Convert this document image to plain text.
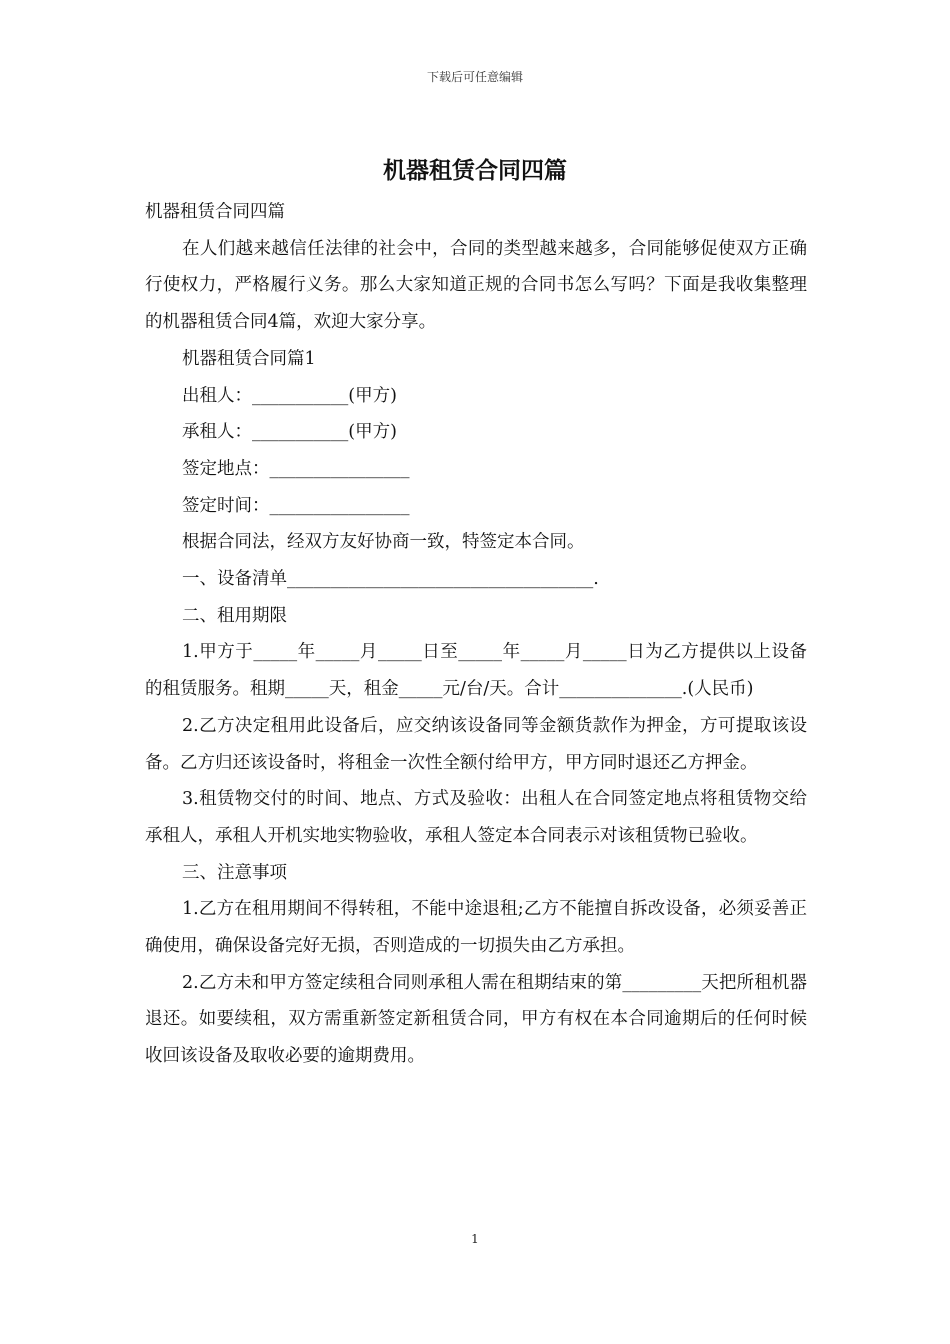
下载后可任意编辑
机器租赁合同四篇

机器租赁合同四篇

在人们越来越信任法律的社会中，合同的类型越来越多，合同能够促使双方正确行使权力，严格履行义务。那么大家知道正规的合同书怎么写吗？下面是我收集整理的机器租赁合同4篇，欢迎大家分享。

机器租赁合同篇1

出租人：___________(甲方)

承租人：___________(甲方)

签定地点：________________

签定时间：________________

根据合同法，经双方友好协商一致，特签定本合同。

一、设备清单___________________________________.

二、租用期限

1.甲方于_____年_____月_____日至_____年_____月_____日为乙方提供以上设备的租赁服务。租期_____天，租金_____元/台/天。合计______________.(人民币)

2.乙方决定租用此设备后，应交纳该设备同等金额货款作为押金，方可提取该设备。乙方归还该设备时，将租金一次性全额付给甲方，甲方同时退还乙方押金。

3.租赁物交付的时间、地点、方式及验收：出租人在合同签定地点将租赁物交给承租人，承租人开机实地实物验收，承租人签定本合同表示对该租赁物已验收。

三、注意事项

1.乙方在租用期间不得转租，不能中途退租;乙方不能擅自拆改设备，必须妥善正确使用，确保设备完好无损，否则造成的一切损失由乙方承担。

2.乙方未和甲方签定续租合同则承租人需在租期结束的第_________天把所租机器退还。如要续租，双方需重新签定新租赁合同，甲方有权在本合同逾期后的任何时候收回该设备及取收必要的逾期费用。

1
